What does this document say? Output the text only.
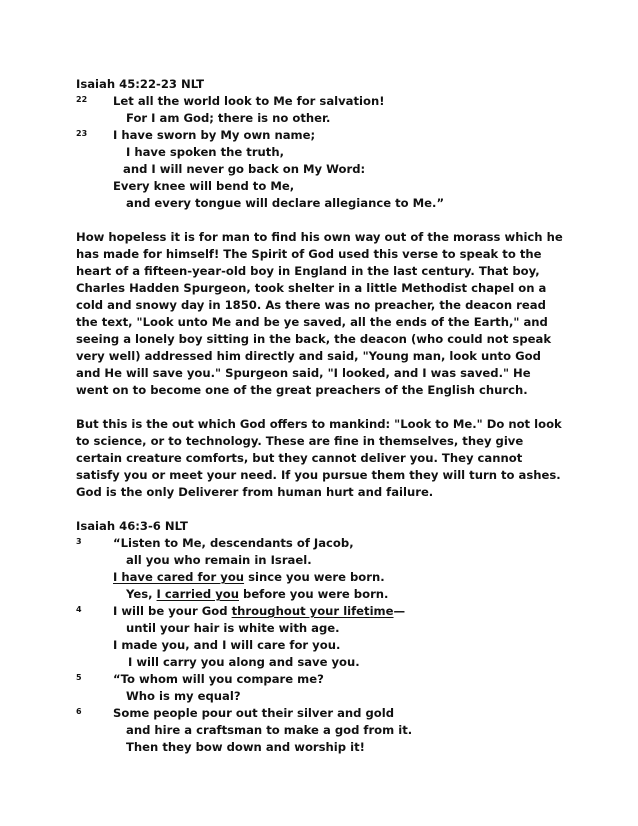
Isaiah 45:22-23 NLT
22 Let all the world look to Me for salvation!
For I am God; there is no other.
23 I have sworn by My own name;
I have spoken the truth,
and I will never go back on My Word:
Every knee will bend to Me,
and every tongue will declare allegiance to Me.”

How hopeless it is for man to find his own way out of the morass which he has made for himself! The Spirit of God used this verse to speak to the heart of a fifteen-year-old boy in England in the last century. That boy, Charles Hadden Spurgeon, took shelter in a little Methodist chapel on a cold and snowy day in 1850. As there was no preacher, the deacon read the text, "Look unto Me and be ye saved, all the ends of the Earth," and seeing a lonely boy sitting in the back, the deacon (who could not speak very well) addressed him directly and said, "Young man, look unto God and He will save you." Spurgeon said, "I looked, and I was saved." He went on to become one of the great preachers of the English church.

But this is the out which God offers to mankind: "Look to Me." Do not look to science, or to technology. These are fine in themselves, they give certain creature comforts, but they cannot deliver you. They cannot satisfy you or meet your need. If you pursue them they will turn to ashes. God is the only Deliverer from human hurt and failure.

Isaiah 46:3-6 NLT
3	“Listen to Me, descendants of Jacob,
all you who remain in Israel.
I have cared for you since you were born.
Yes, I carried you before you were born.
4	I will be your God throughout your lifetime—
until your hair is white with age.
I made you, and I will care for you.
I will carry you along and save you.
5	“To whom will you compare me?
Who is my equal?
6	Some people pour out their silver and gold
and hire a craftsman to make a god from it.
Then they bow down and worship it!
